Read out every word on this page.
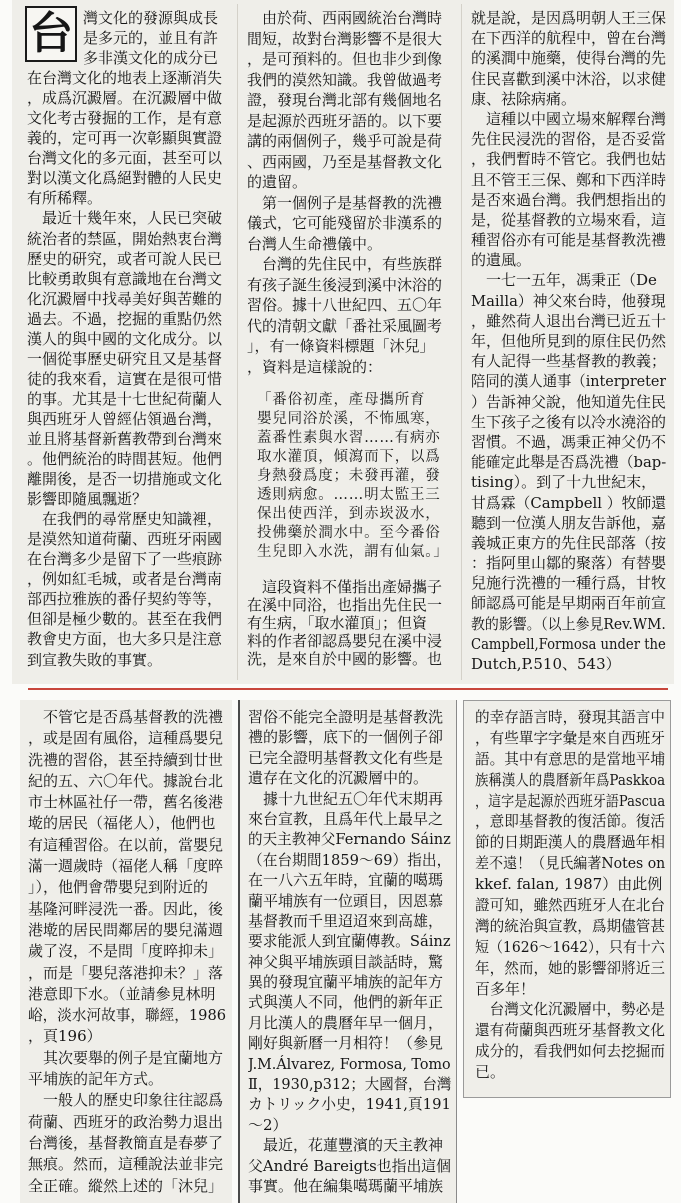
台 灣文化的發源與成長
是多元的，並且有許
多非漢文化的成分已
在台灣文化的地表上逐漸消失
，成爲沉澱層。在沉澱層中做
文化考古發掘的工作，是有意
義的，定可再一次彰顯與實證
台灣文化的多元面，甚至可以
對以漢文化爲絕對體的人民史
有所稀釋。
　最近十幾年來，人民已突破
統治者的禁區，開始熱衷台灣
歷史的研究，或者可說人民已
比較勇敢與有意識地在台灣文
化沉澱層中找尋美好與苦難的
過去。不過，挖掘的重點仍然
漢人的與中國的文化成分。以
一個從事歷史研究且又是基督
徒的我來看，這實在是很可惜
的事。尤其是十七世紀荷蘭人
與西班牙人曾經佔領過台灣，
並且將基督新舊教帶到台灣來
。他們統治的時間甚短。他們
離開後，是否一切措施或文化
影響即隨風飄逝？
　在我們的尋常歷史知識裡，
是漠然知道荷蘭、西班牙兩國
在台灣多少是留下了一些痕跡
，例如紅毛城，或者是台灣南
部西拉雅族的番仔契約等等，
但卻是極少數的。甚至在我們
教會史方面，也大多只是注意
到宣教失敗的事實。
　由於荷、西兩國統治台灣時
間短，故對台灣影響不是很大
，是可預料的。但也非少到像
我們的漠然知識。我曾做過考
證，發現台灣北部有幾個地名
是起源於西班牙語的。以下要
講的兩個例子，幾乎可說是荷
、西兩國，乃至是基督教文化
的遺留。
　第一個例子是基督教的洗禮
儀式，它可能殘留於非漢系的
台灣人生命禮儀中。
　台灣的先住民中，有些族群
有孩子誕生後浸到溪中沐浴的
習俗。據十八世紀四、五〇年
代的清朝文獻「番社采風圖考
」，有一條資料標題「沐兒」
，資料是這樣說的：
「番俗初產，產母攜所育
嬰兒同浴於溪，不怖風寒，
蓋番性素與水習……有病亦
取水灌頂，傾瀉而下，以爲
身熱發爲度；未發再灌，發
透則病愈。……明太監王三
保出使西洋，到赤崁汲水，
投佛藥於澗水中。至今番俗
生兒即入水洗，謂有仙氣。」
　這段資料不僅指出產婦攜子
在溪中同浴，也指出先住民一
有生病，「取水灌頂」；但資
料的作者卻認爲嬰兒在溪中浸
洗，是來自於中國的影響。也
就是說，是因爲明朝人王三保
在下西洋的航程中，曾在台灣
的溪澗中施藥，使得台灣的先
住民喜歡到溪中沐浴，以求健
康、祛除病痛。
　這種以中國立場來解釋台灣
先住民浸洗的習俗，是否妥當
，我們暫時不管它。我們也姑
且不管王三保、鄭和下西洋時
是否來過台灣。我們想指出的
是，從基督教的立場來看，這
種習俗亦有可能是基督教洗禮
的遺風。
　一七一五年，馮秉正（De
Mailla）神父來台時，他發現
，雖然荷人退出台灣已近五十
年，但他所見到的原住民仍然
有人記得一些基督教的教義；
陪同的漢人通事（interpreter
）告訴神父說，他知道先住民
生下孩子之後有以冷水澆浴的
習慣。不過，馮秉正神父仍不
能確定此舉是否爲洗禮（bap-
tising）。到了十九世紀末，
甘爲霖（Campbell ）牧師還
聽到一位漢人朋友告訴他，嘉
義城正東方的先住民部落（按
：指阿里山鄒的聚落）有替嬰
兒施行洗禮的一種行爲，甘牧
師認爲可能是早期兩百年前宣
教的影響。（以上參見Rev.WM.
Campbell,Formosa under the
Dutch,P.510、543）
　不管它是否爲基督教的洗禮
，或是固有風俗，這種爲嬰兒
洗禮的習俗，甚至持續到廿世
紀的五、六〇年代。據說台北
市士林區社仔一帶，舊名後港
墘的居民（福佬人），他們也
有這種習俗。在以前，當嬰兒
滿一週歲時（福佬人稱「度晬
」），他們會帶嬰兒到附近的
基隆河畔浸洗一番。因此，後
港墘的居民問鄰居的嬰兒滿週
歲了沒，不是問「度晬抑未」
，而是「嬰兒落港抑未？」落
港意即下水。（並請參見林明
峪，淡水河故事，聯經，1986
，頁196）
　其次要舉的例子是宜蘭地方
平埔族的記年方式。
　一般人的歷史印象往往認爲
荷蘭、西班牙的政治勢力退出
台灣後，基督教簡直是春夢了
無痕。然而，這種說法並非完
全正確。縱然上述的「沐兒」
習俗不能完全證明是基督教洗
禮的影響，底下的一個例子卻
已完全證明基督教文化有些是
遺存在文化的沉澱層中的。
　據十九世紀五〇年代末期再
來台宣教，且爲年代上最早之
的天主教神父Fernando Sáinz
（在台期間1859～69）指出，
在一八六五年時，宜蘭的噶瑪
蘭平埔族有一位頭目，因恩慕
基督教而千里迢迢來到高雄，
要求能派人到宜蘭傳教。Sáinz
神父與平埔族頭目談話時，驚
異的發現宜蘭平埔族的記年方
式與漢人不同，他們的新年正
月比漢人的農曆年早一個月，
剛好與新曆一月相符！（參見
J.M.Álvarez, Formosa, Tomo
Ⅱ，1930,p312；大國督，台灣
カトリック小史，1941,頁191
～2）
　最近，花蓮豐濱的天主教神
父André Bareigts也指出這個
事實。他在編集噶瑪蘭平埔族
的幸存語言時，發現其語言中
，有些單字字彙是來自西班牙
語。其中有意思的是當地平埔
族稱漢人的農曆新年爲Paskkoa
，這字是起源於西班牙語Pascua
，意即基督教的復活節。復活
節的日期距漢人的農曆過年相
差不遠！（見氏編著Notes on
kkef. falan, 1987）由此例
證可知，雖然西班牙人在北台
灣的統治與宣教，爲期儘管甚
短（1626～1642），只有十六
年，然而，她的影響卻將近三
百多年！
　台灣文化沉澱層中，勢必是
還有荷蘭與西班牙基督教文化
成分的，看我們如何去挖掘而
已。
